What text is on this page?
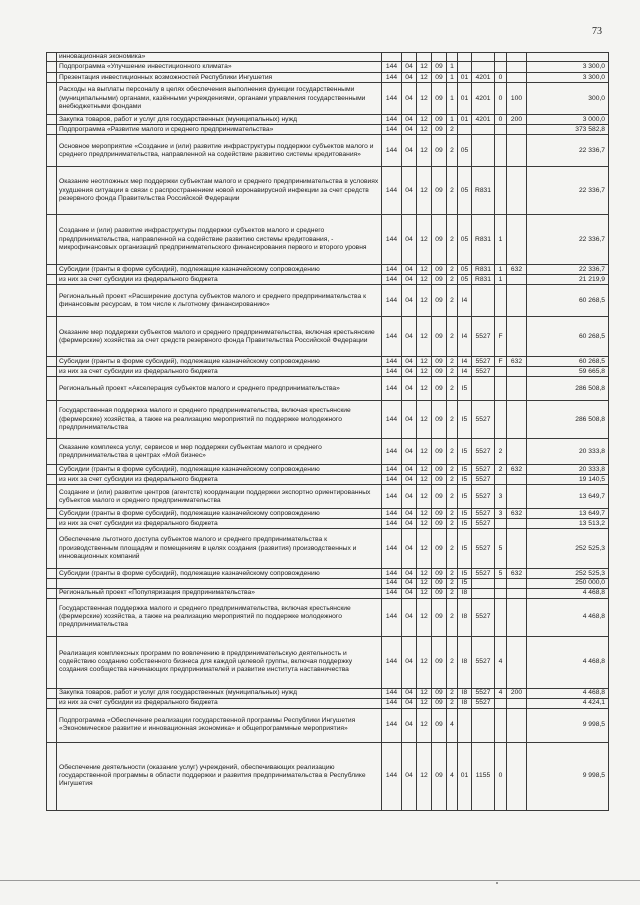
73
	инновационная экономика»										
	Подпрограмма «Улучшение инвестиционного климата»	144	04	12	09	1					3 300,0
	Презентация инвестиционных возможностей Республики Ингушетия	144	04	12	09	1	01	4201	0		3 300,0
	Расходы на выплаты персоналу в целях обеспечения выполнения функции государственными (муниципальными) органами, казёнными учреждениями, органами управления государственными внебюджетными фондами	144	04	12	09	1	01	4201	0	100	300,0
	Закупка товаров, работ и услуг для государственных (муниципальных) нужд	144	04	12	09	1	01	4201	0	200	3 000,0
	Подпрограмма «Развитие малого и среднего предпринимательства»	144	04	12	09	2					373 582,8
	Основное мероприятие «Создание и (или) развитие инфраструктуры поддержки субъектов малого и среднего предпринимательства, направленной на содействие развитию системы кредитования»	144	04	12	09	2	05				22 336,7
	Оказание неотложных мер поддержки субъектам малого и среднего предпринимательства в условиях ухудшения ситуации в связи с распространением новой коронавирусной инфекции за счет средств резервного фонда Правительства Российской Федерации	144	04	12	09	2	05	R831			22 336,7
	Создание и (или) развитие инфраструктуры поддержки субъектов малого и среднего предпринимательства, направленной на содействие развитию системы кредитования, - микрофинансовых организаций предпринимательского финансирования первого и второго уровня	144	04	12	09	2	05	R831	1		22 336,7
	Субсидии (гранты в форме субсидий), подлежащие казначейскому сопровождению	144	04	12	09	2	05	R831	1	632	22 336,7
	из них за счет субсидии из федерального бюджета	144	04	12	09	2	05	R831	1		21 219,9
	Региональный проект «Расширение доступа субъектов малого и среднего предпринимательства к финансовым ресурсам, в том числе к льготному финансированию»	144	04	12	09	2	I4				60 268,5
	Оказание мер поддержки субъектов малого и среднего предпринимательства, включая крестьянские (фермерские) хозяйства за счет средств резервного фонда Правительства Российской Федерации	144	04	12	09	2	I4	5527	F		60 268,5
	Субсидии (гранты в форме субсидий), подлежащие казначейскому сопровождению	144	04	12	09	2	I4	5527	F	632	60 268,5
	из них за счет субсидии из федерального бюджета	144	04	12	09	2	I4	5527			59 665,8
	Региональный проект «Акселерация субъектов малого и среднего предпринимательства»	144	04	12	09	2	I5				286 508,8
	Государственная поддержка малого и среднего предпринимательства, включая крестьянские (фермерские) хозяйства, а также на реализацию мероприятий по поддержке молодежного предпринимательства	144	04	12	09	2	I5	5527			286 508,8
	Оказание комплекса услуг, сервисов и мер поддержки субъектам малого и среднего предпринимательства в центрах «Мой бизнес»	144	04	12	09	2	I5	5527	2		20 333,8
	Субсидии (гранты в форме субсидий), подлежащие казначейскому сопровождению	144	04	12	09	2	I5	5527	2	632	20 333,8
	из них за счет субсидии из федерального бюджета	144	04	12	09	2	I5	5527			19 140,5
	Создание и (или) развитие центров (агентств) координации поддержки экспортно ориентированных субъектов малого и среднего предпринимательства	144	04	12	09	2	I5	5527	3		13 649,7
	Субсидии (гранты в форме субсидий), подлежащие казначейскому сопровождению	144	04	12	09	2	I5	5527	3	632	13 649,7
	из них за счет субсидии из федерального бюджета	144	04	12	09	2	I5	5527			13 513,2
	Обеспечение льготного доступа субъектов малого и среднего предпринимательства к производственным площадям и помещениям в целях создания (развития) производственных и инновационных компаний	144	04	12	09	2	I5	5527	5		252 525,3
	Субсидии (гранты в форме субсидий), подлежащие казначейскому сопровождению	144	04	12	09	2	I5	5527	5	632	252 525,3
		144	04	12	09	2	I5				250 000,0
	Региональный проект «Популяризация предпринимательства»	144	04	12	09	2	I8				4 468,8
	Государственная поддержка малого и среднего предпринимательства, включая крестьянские (фермерские) хозяйства, а также на реализацию мероприятий по поддержке молодежного предпринимательства	144	04	12	09	2	I8	5527			4 468,8
	Реализация комплексных программ по вовлечению в предпринимательскую деятельность и содействию созданию собственного бизнеса для каждой целевой группы, включая поддержку создания сообщества начинающих предпринимателей и развитие института наставничества	144	04	12	09	2	I8	5527	4		4 468,8
	Закупка товаров, работ и услуг для государственных (муниципальных) нужд	144	04	12	09	2	I8	5527	4	200	4 468,8
	из них за счет субсидии из федерального бюджета	144	04	12	09	2	I8	5527			4 424,1
	Подпрограмма «Обеспечение реализации государственной программы Республики Ингушетия «Экономическое развитие и инновационная экономика» и общепрограммные мероприятия»	144	04	12	09	4					9 998,5
	Обеспечение деятельности (оказание услуг) учреждений, обеспечивающих реализацию государственной программы в области поддержки и развития предпринимательства в Республике Ингушетия	144	04	12	09	4	01	1155	0		9 998,5
